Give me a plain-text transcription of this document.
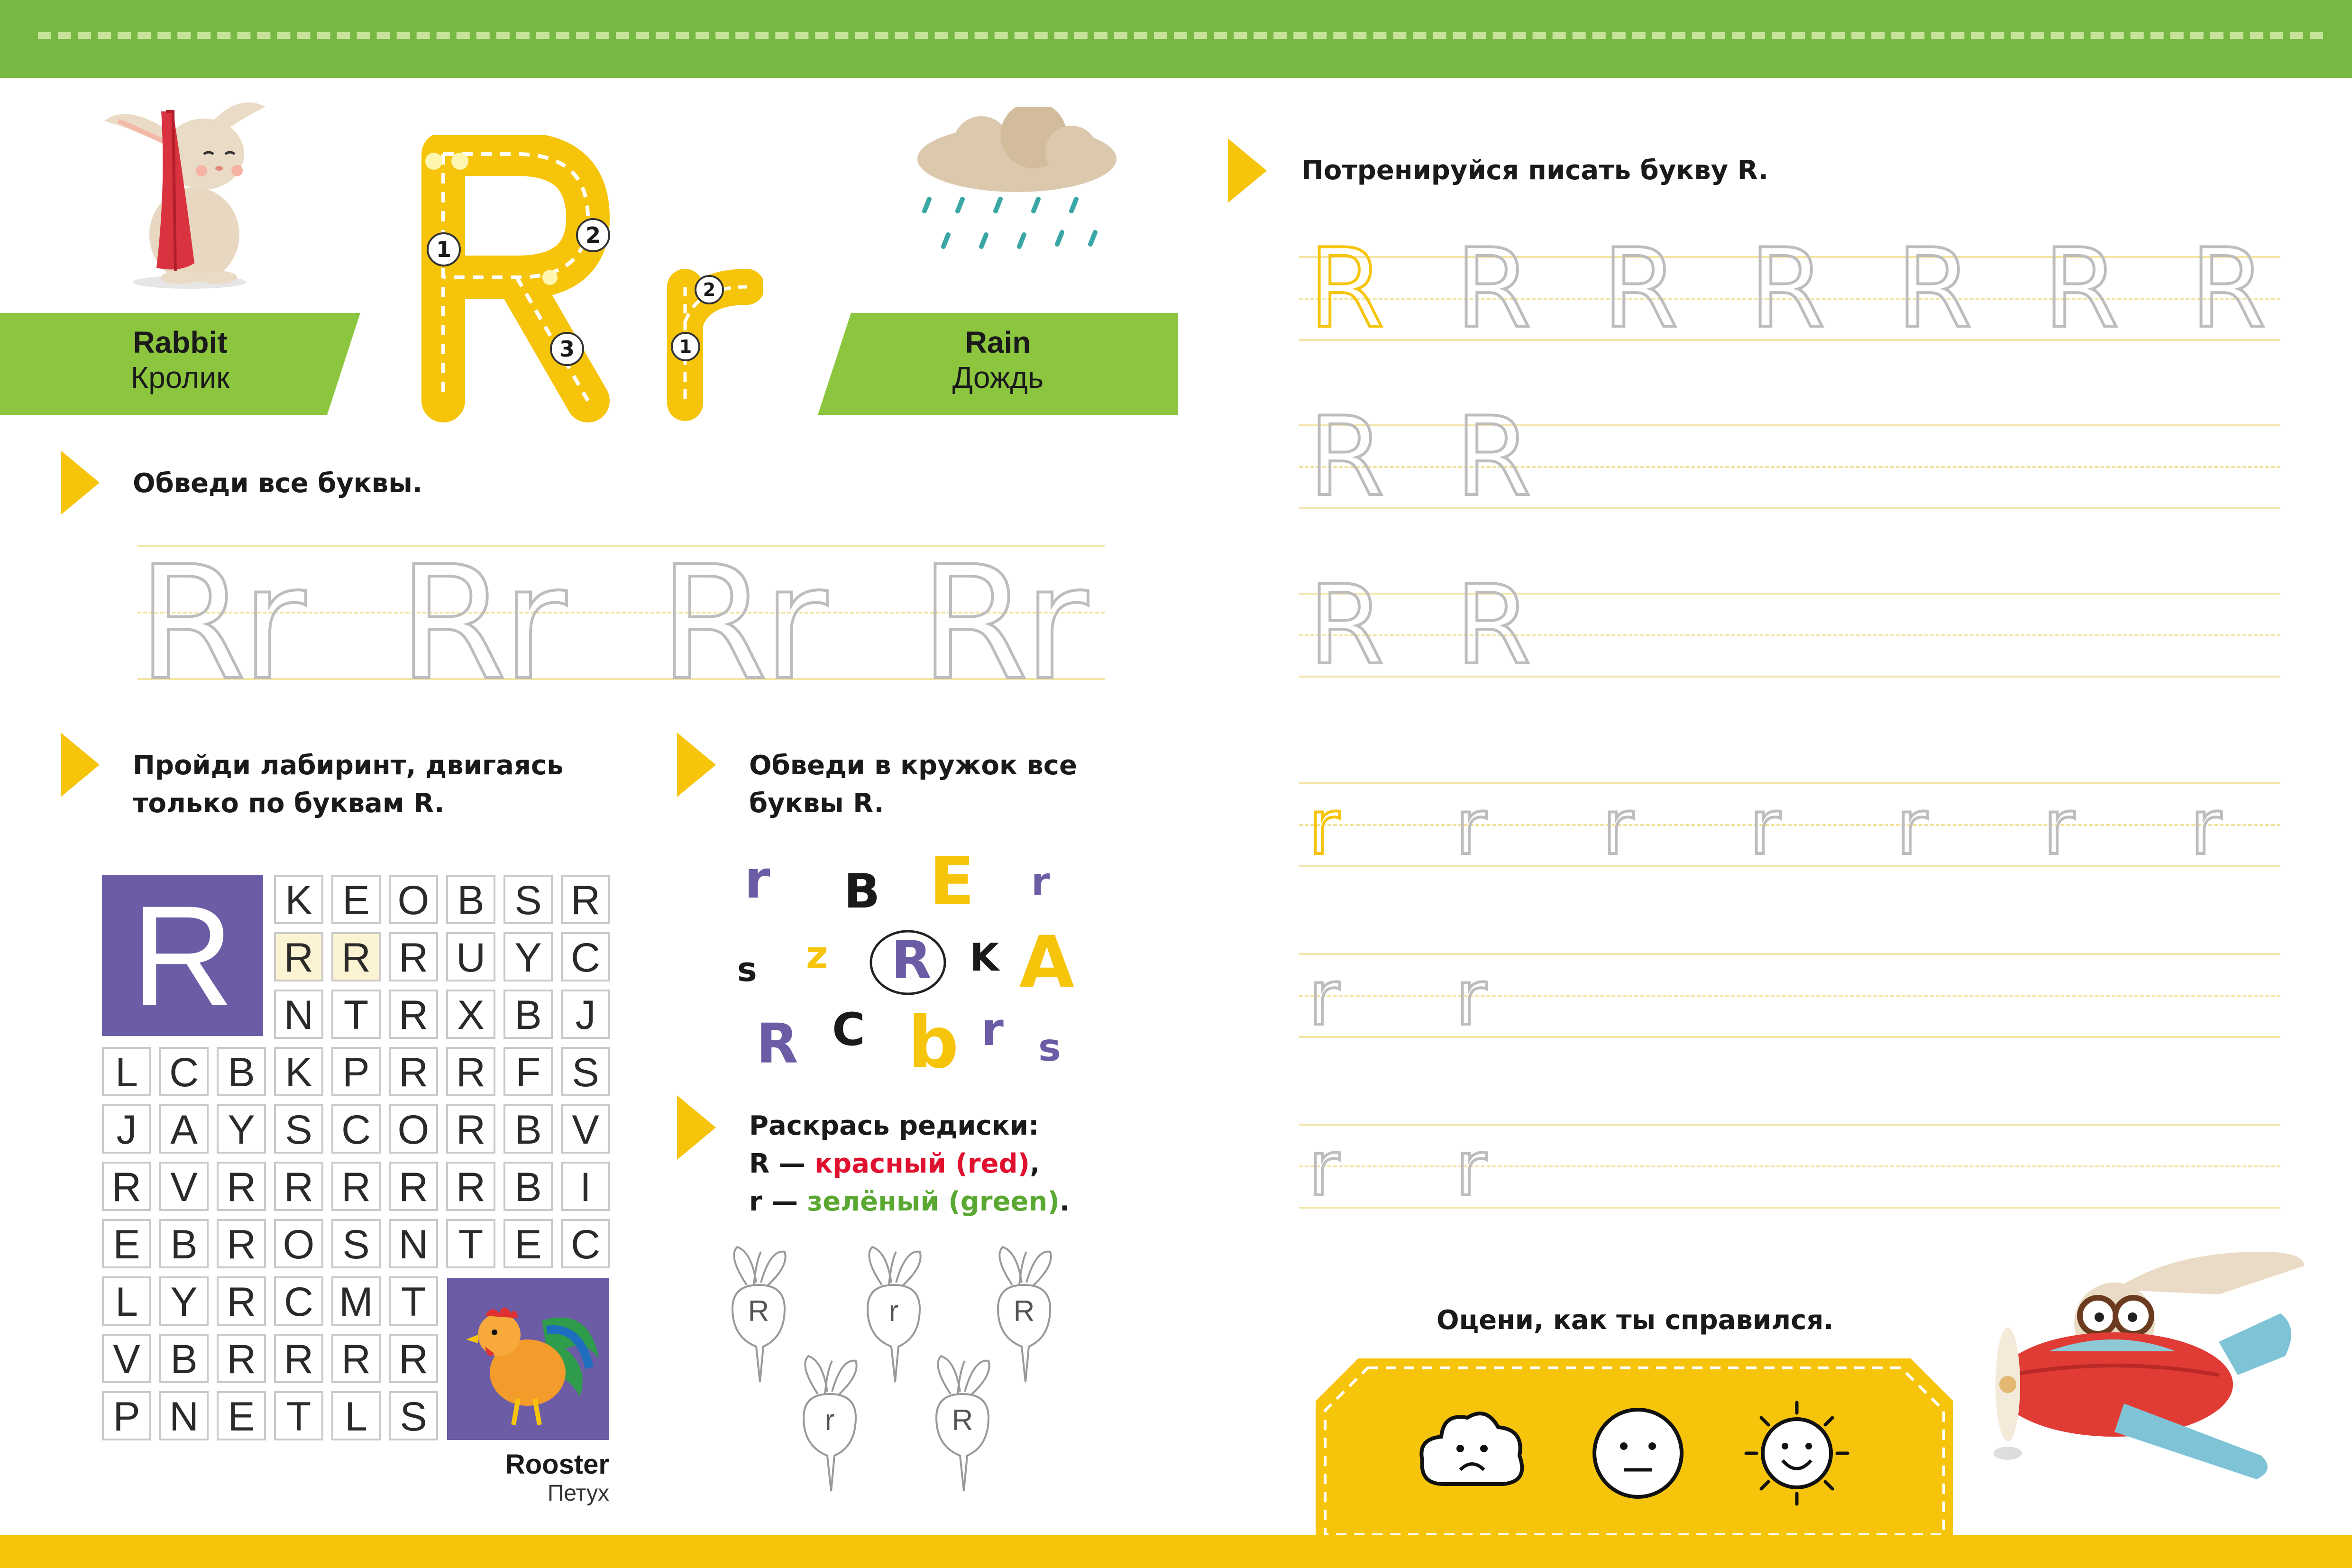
Rabbit
Кролик
1
2
3	1
2
Rain
Дождь
Обведи все буквы.
Rr Rr Rr Rr
Пройди лабиринт, двигаясь
только по буквам R.
R	K E O B S R
R R R U Y C
N T R X B J
L C B K P R R F S
J A Y S C O R B V
R V R R R R R B I
E B R O S N T E C
L Y R C M T
V B R R R R
P N E T L S
Rooster
Петух
Обведи в кружок все
буквы R.
r B E r
s z R K A
R C b r s
Раскрась редиски:
R — красный (red),
r — зелёный (green).
R	r	R
r	R
Потренируйся писать букву R.
R R R R R R R
R R
R R
r r r r r r r
r r
r r
Оцени, как ты справился.
